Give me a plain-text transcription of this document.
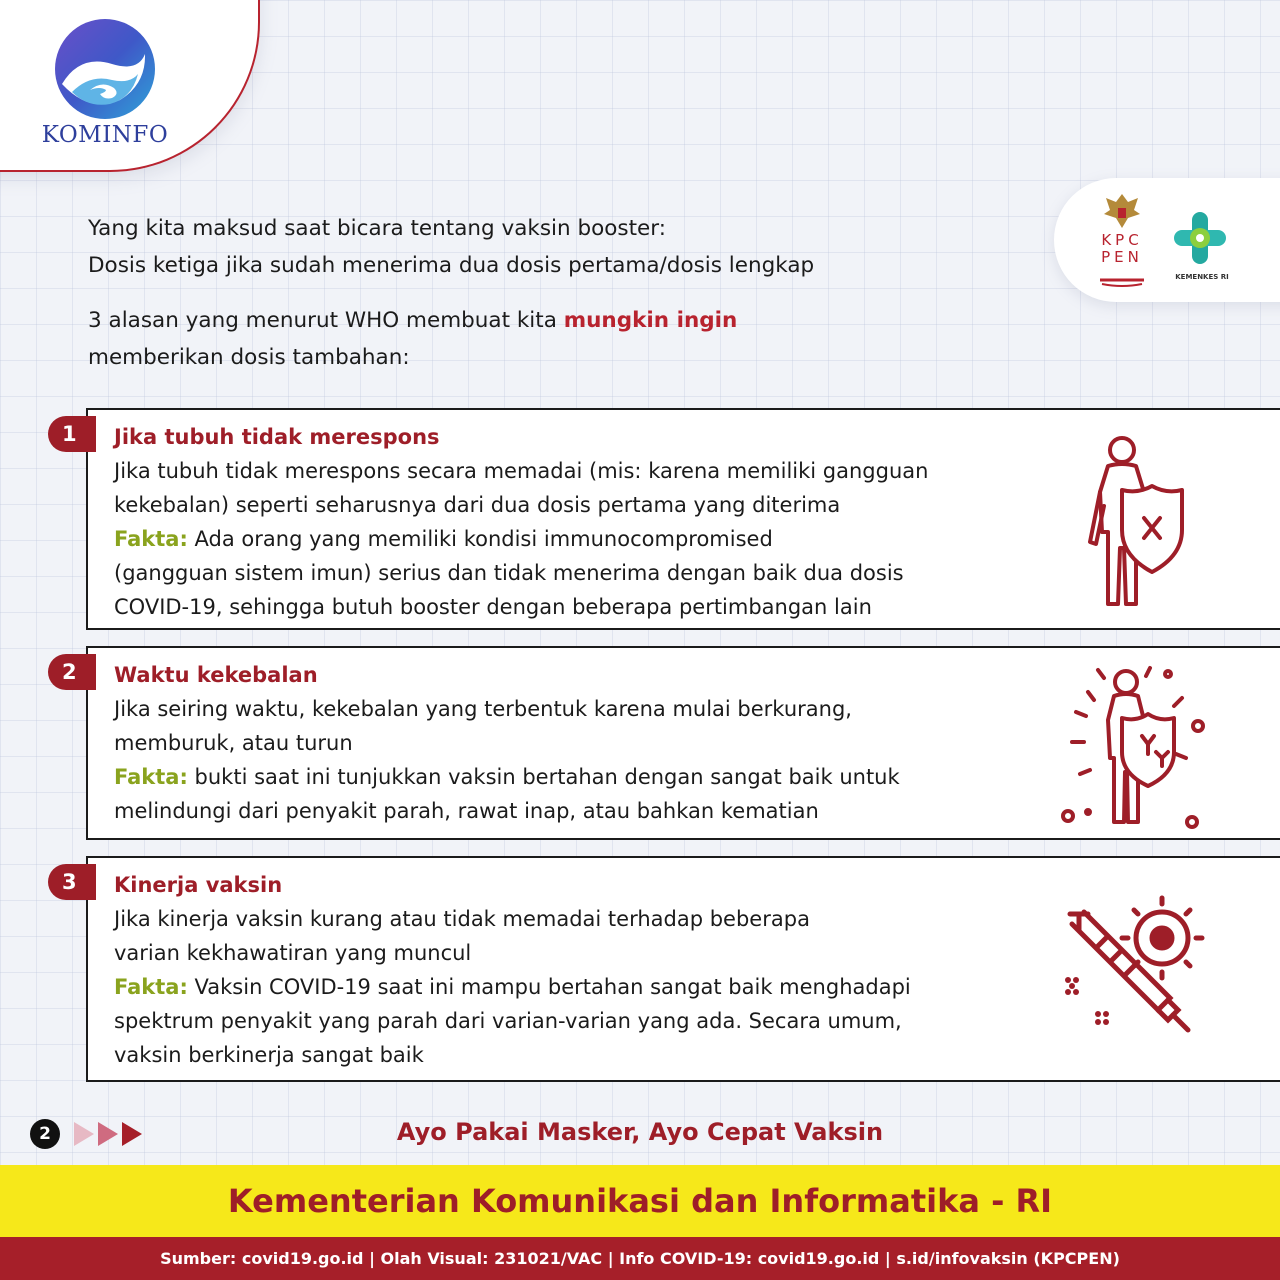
KOMINFO
KPC PEN
KEMENKES RI
Yang kita maksud saat bicara tentang vaksin booster:
Dosis ketiga jika sudah menerima dua dosis pertama/dosis lengkap
3 alasan yang menurut WHO membuat kita mungkin ingin
memberikan dosis tambahan:
1	Jika tubuh tidak merespons
Jika tubuh tidak merespons secara memadai (mis: karena memiliki gangguan
kekebalan) seperti seharusnya dari dua dosis pertama yang diterima
Fakta: Ada orang yang memiliki kondisi immunocompromised
(gangguan sistem imun) serius dan tidak menerima dengan baik dua dosis
COVID-19, sehingga butuh booster dengan beberapa pertimbangan lain
2	Waktu kekebalan
Jika seiring waktu, kekebalan yang terbentuk karena mulai berkurang,
memburuk, atau turun
Fakta: bukti saat ini tunjukkan vaksin bertahan dengan sangat baik untuk
melindungi dari penyakit parah, rawat inap, atau bahkan kematian
3	Kinerja vaksin
Jika kinerja vaksin kurang atau tidak memadai terhadap beberapa
varian kekhawatiran yang muncul
Fakta: Vaksin COVID-19 saat ini mampu bertahan sangat baik menghadapi
spektrum penyakit yang parah dari varian-varian yang ada. Secara umum,
vaksin berkinerja sangat baik
2	Ayo Pakai Masker, Ayo Cepat Vaksin
Kementerian Komunikasi dan Informatika - RI
Sumber: covid19.go.id | Olah Visual: 231021/VAC | Info COVID-19: covid19.go.id | s.id/infovaksin (KPCPEN)
